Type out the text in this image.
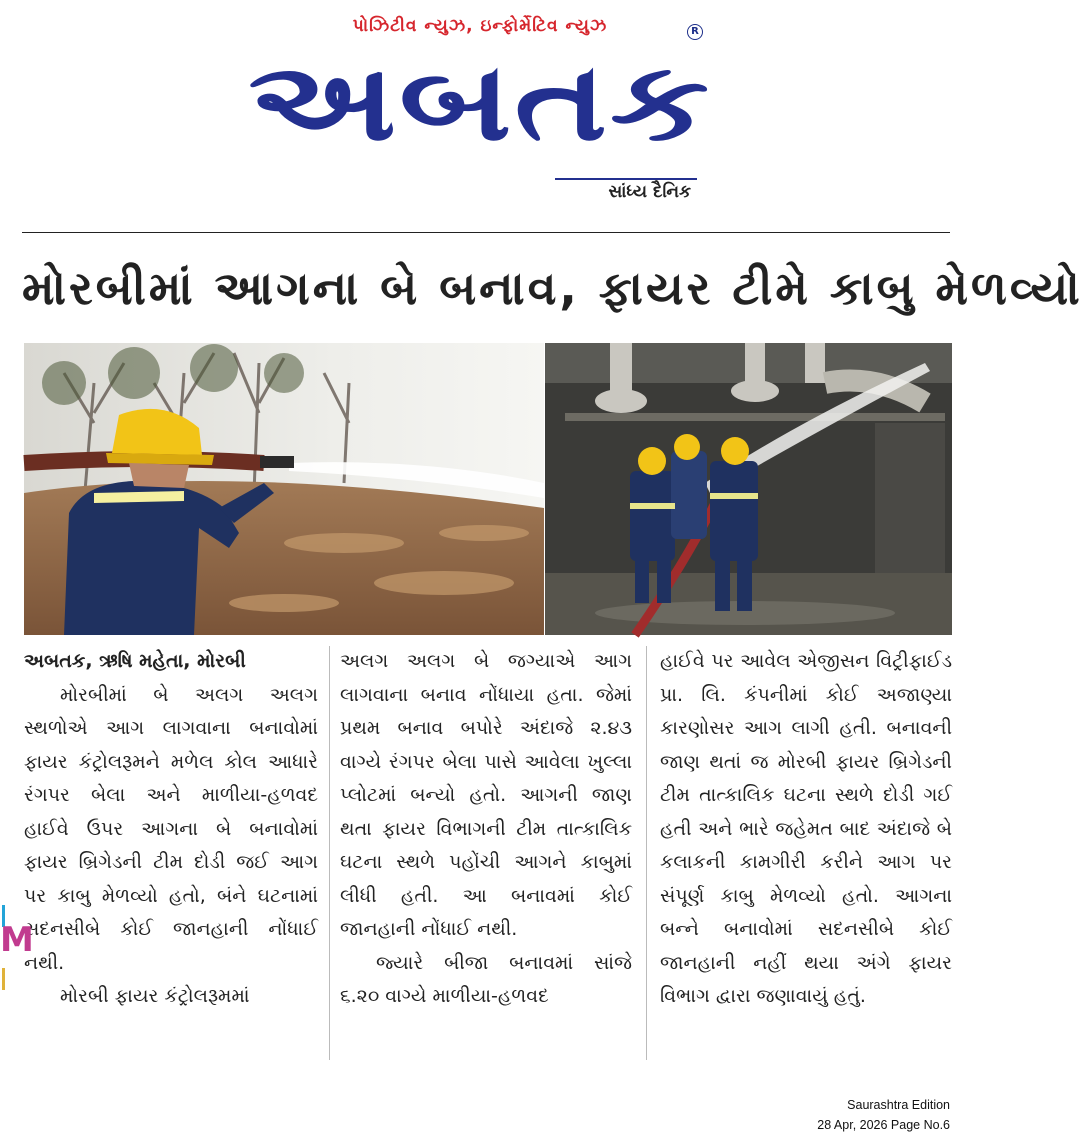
પોઝિટીવ ન્યુઝ, ઇન્ફોર્મેટિવ ન્યુઝ	R
અબતક
સાંધ્ય દૈનિક
મોરબીમાં આગના બે બનાવ, ફાયર ટીમે કાબુ મેળવ્યો

અબતક, ઋષિ મહેતા, મોરબી

મોરબીમાં બે અલગ અલગ સ્થળોએ આગ લાગવાના બનાવોમાં ફાયર કંટ્રોલરૂમને મળેલ કોલ આધારે રંગપર બેલા અને માળીયા-હળવદ હાઈવે ઉપર આગના બે બનાવોમાં ફાયર બ્રિગેડની ટીમ દોડી જઈ આગ પર કાબુ મેળવ્યો હતો, બંને ઘટનામાં સદનસીબે કોઈ જાનહાની નોંધાઈ નથી.

મોરબી ફાયર કંટ્રોલરૂમમાં

અલગ અલગ બે જગ્યાએ આગ લાગવાના બનાવ નોંધાયા હતા. જેમાં પ્રથમ બનાવ બપોરે અંદાજે ૨.૪૩ વાગ્યે રંગપર બેલા પાસે આવેલા ખુલ્લા પ્લોટમાં બન્યો હતો. આગની જાણ થતા ફાયર વિભાગની ટીમ તાત્કાલિક ઘટના સ્થળે પહોંચી આગને કાબુમાં લીધી હતી. આ બનાવમાં કોઈ જાનહાની નોંધાઈ નથી.

જ્યારે બીજા બનાવમાં સાંજે ૬.૨૦ વાગ્યે માળીયા-હળવદ

હાઈવે પર આવેલ એજીસન વિટ્રીફાઈડ પ્રા. લિ. કંપનીમાં કોઈ અજાણ્યા કારણોસર આગ લાગી હતી. બનાવની જાણ થતાં જ મોરબી ફાયર બ્રિગેડની ટીમ તાત્કાલિક ઘટના સ્થળે દોડી ગઈ હતી અને ભારે જહેમત બાદ અંદાજે બે કલાકની કામગીરી કરીને આગ પર સંપૂર્ણ કાબુ મેળવ્યો હતો. આગના બન્ને બનાવોમાં સદનસીબે કોઈ જાનહાની નહીં થયા અંગે ફાયર વિભાગ દ્વારા જણાવાયું હતું.

M
Saurashtra Edition
28 Apr, 2026 Page No.6
